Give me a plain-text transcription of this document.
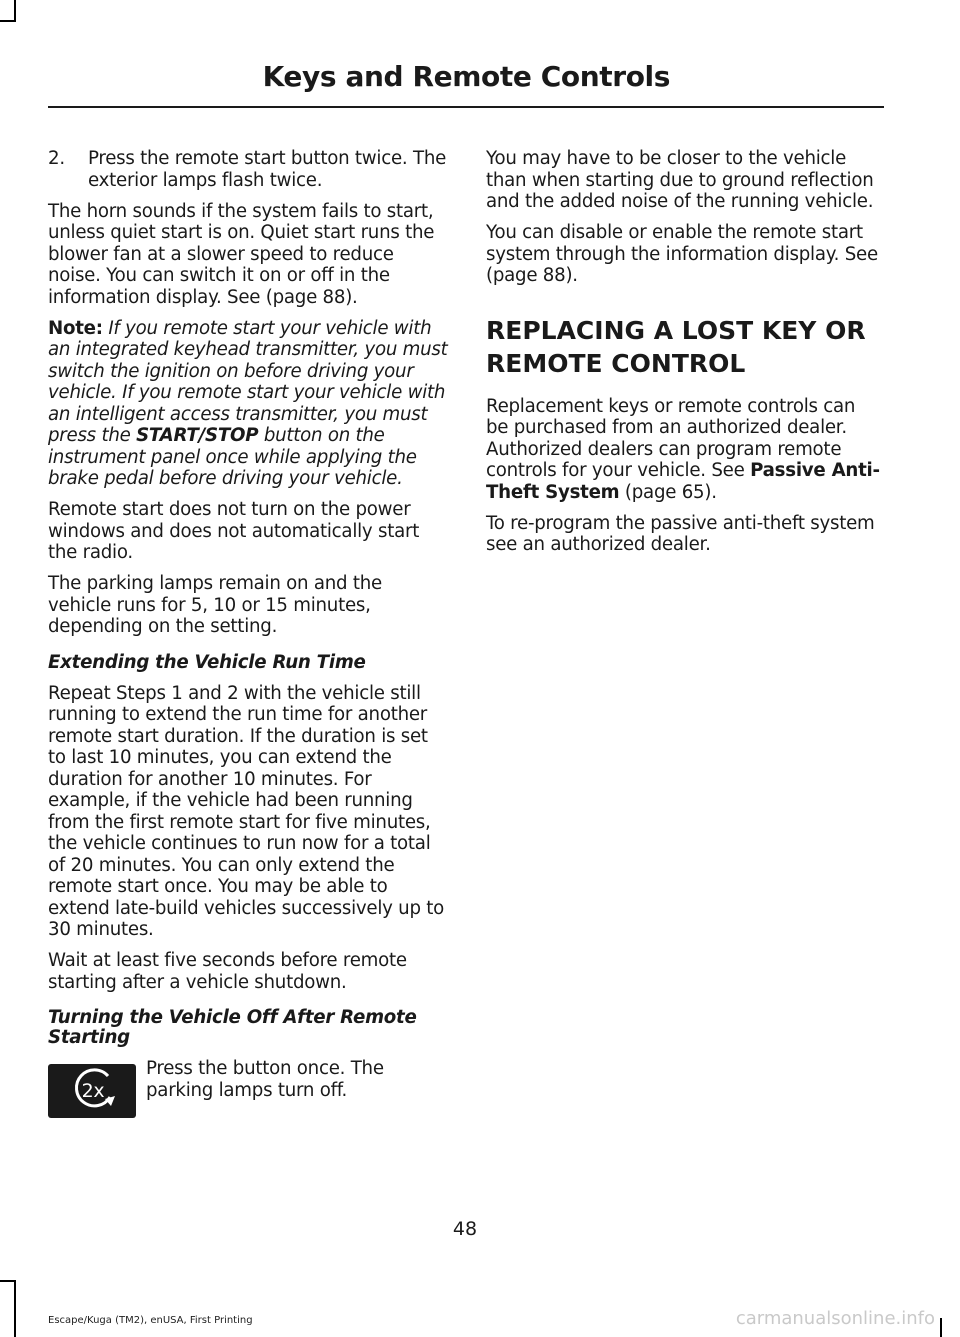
Keys and Remote Controls
2.	Press the remote start button twice. The exterior lamps flash twice.

The horn sounds if the system fails to start, unless quiet start is on. Quiet start runs the blower fan at a slower speed to reduce noise. You can switch it on or off in the information display. See (page 88).

Note: If you remote start your vehicle with an integrated keyhead transmitter, you must switch the ignition on before driving your vehicle. If you remote start your vehicle with an intelligent access transmitter, you must press the START/STOP button on the instrument panel once while applying the brake pedal before driving your vehicle.

Remote start does not turn on the power windows and does not automatically start the radio.

The parking lamps remain on and the vehicle runs for 5, 10 or 15 minutes, depending on the setting.

Extending the Vehicle Run Time

Repeat Steps 1 and 2 with the vehicle still running to extend the run time for another remote start duration. If the duration is set to last 10 minutes, you can extend the duration for another 10 minutes. For example, if the vehicle had been running from the first remote start for five minutes, the vehicle continues to run now for a total of 20 minutes. You can only extend the remote start once. You may be able to extend late-build vehicles successively up to 30 minutes.

Wait at least five seconds before remote starting after a vehicle shutdown.

Turning the Vehicle Off After Remote Starting
2x
Press the button once. The parking lamps turn off.

You may have to be closer to the vehicle than when starting due to ground reflection and the added noise of the running vehicle.

You can disable or enable the remote start system through the information display. See (page 88).

REPLACING A LOST KEY OR
REMOTE CONTROL

Replacement keys or remote controls can be purchased from an authorized dealer. Authorized dealers can program remote controls for your vehicle. See Passive Anti-Theft System (page 65).

To re-program the passive anti-theft system see an authorized dealer.

48
Escape/Kuga (TM2), enUSA, First Printing	carmanualsonline.info
